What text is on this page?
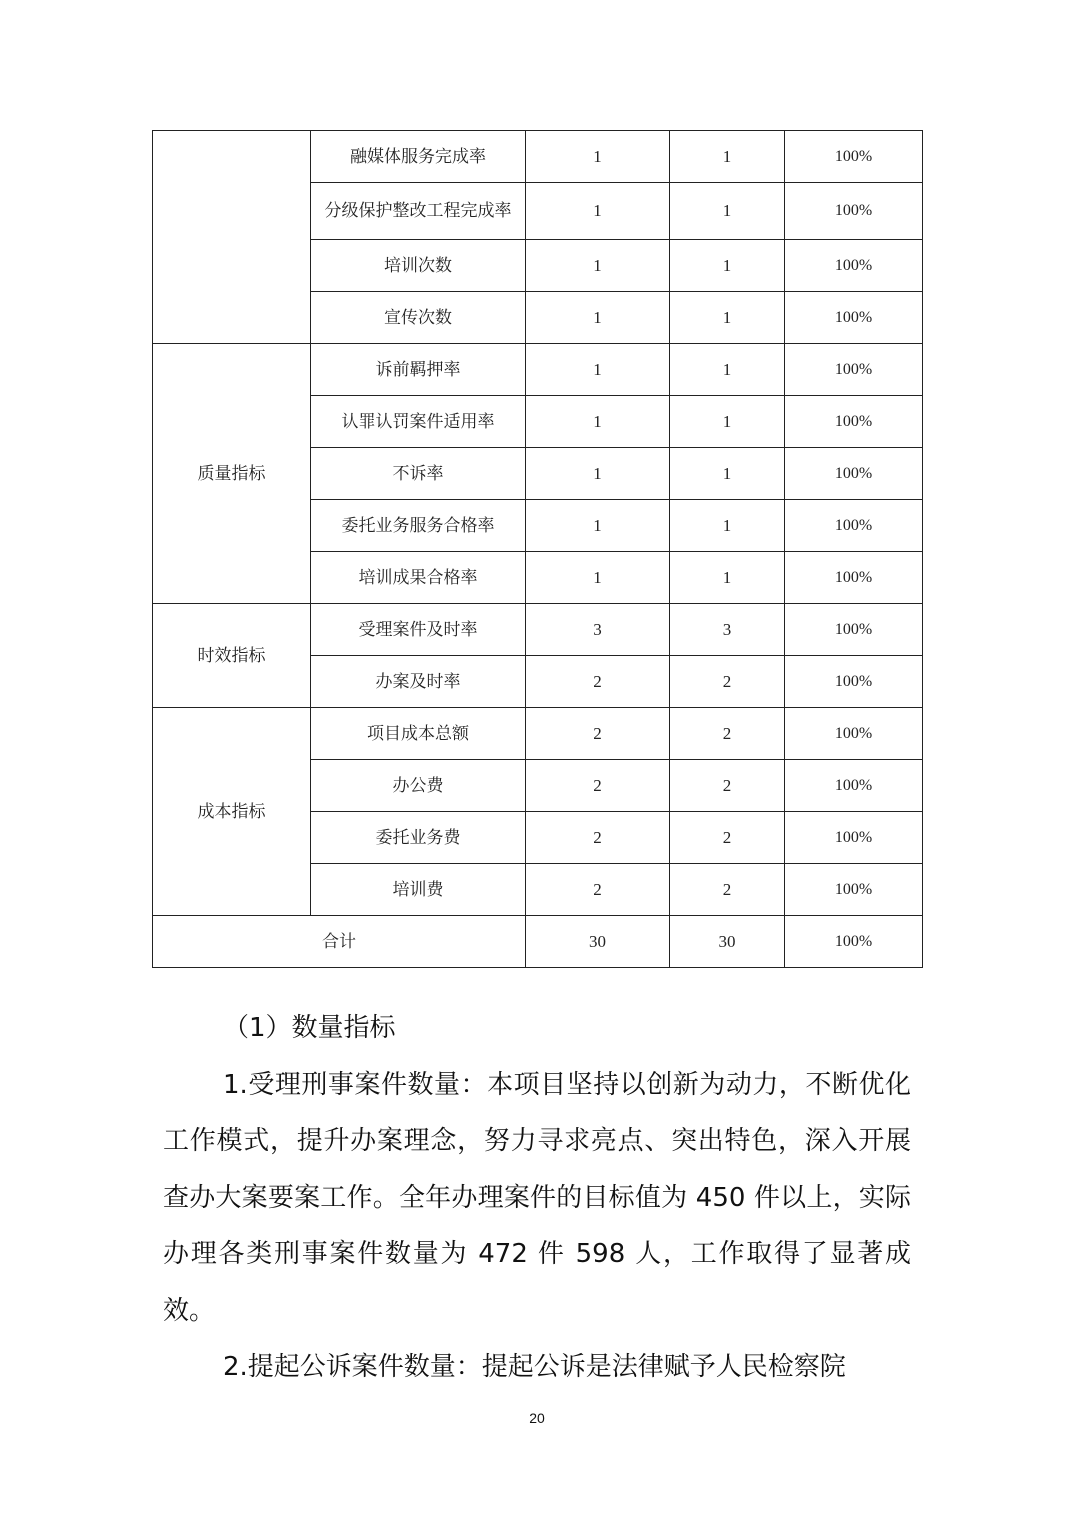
	融媒体服务完成率	1	1	100%
	分级保护整改工程完成率	1	1	100%
	培训次数	1	1	100%
	宣传次数	1	1	100%
质量指标	诉前羁押率	1	1	100%
	认罪认罚案件适用率	1	1	100%
	不诉率	1	1	100%
	委托业务服务合格率	1	1	100%
	培训成果合格率	1	1	100%
时效指标	受理案件及时率	3	3	100%
	办案及时率	2	2	100%
成本指标	项目成本总额	2	2	100%
	办公费	2	2	100%
	委托业务费	2	2	100%
	培训费	2	2	100%
合计		30	30	100%

（1）数量指标

1.受理刑事案件数量：本项目坚持以创新为动力，不断优化工作模式，提升办案理念，努力寻求亮点、突出特色，深入开展查办大案要案工作。全年办理案件的目标值为 450 件以上，实际办理各类刑事案件数量为 472 件 598 人，工作取得了显著成效。

2.提起公诉案件数量：提起公诉是法律赋予人民检察院

20
